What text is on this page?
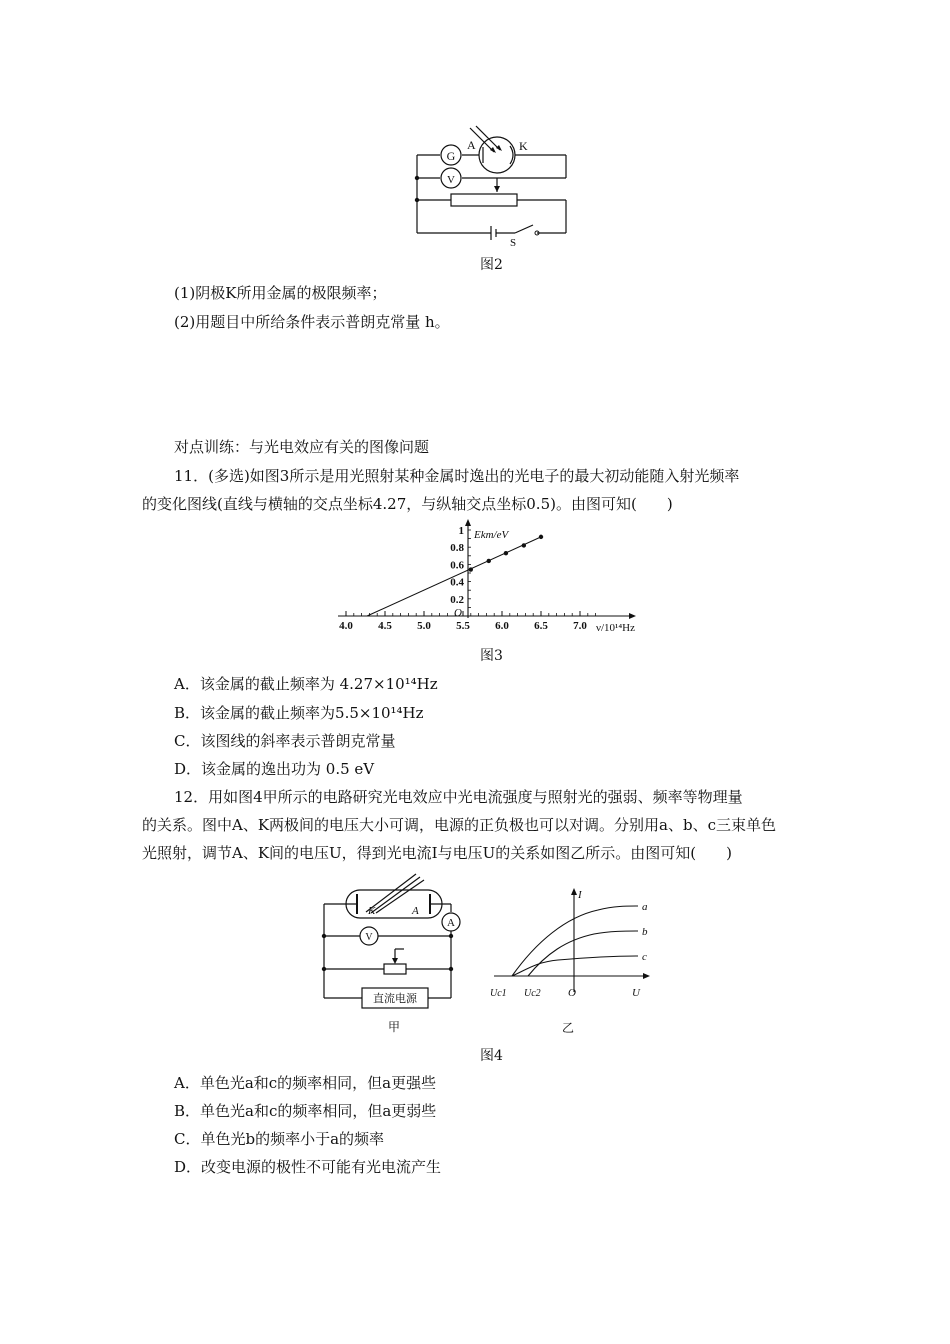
G
V
A	K
S
图2
(1)阴极K所用金属的极限频率；
(2)用题目中所给条件表示普朗克常量 h。
对点训练：与光电效应有关的图像问题
11．(多选)如图3所示是用光照射某种金属时逸出的光电子的最大初动能随入射光频率
的变化图线(直线与横轴的交点坐标4.27，与纵轴交点坐标0.5)。由图可知(　　)
4.0 4.5 5.0 5.5 6.0 6.5 7.0
0.2
0.4
0.6
0.8
1 Ekm/eV
ν/10¹⁴Hz
O
图3
A．该金属的截止频率为 4.27×10¹⁴Hz
B．该金属的截止频率为5.5×10¹⁴Hz
C．该图线的斜率表示普朗克常量
D．该金属的逸出功为 0.5 eV
12．用如图4甲所示的电路研究光电效应中光电流强度与照射光的强弱、频率等物理量
的关系。图中A、K两极间的电压大小可调，电源的正负极也可以对调。分别用a、b、c三束单色
光照射，调节A、K间的电压U，得到光电流I与电压U的关系如图乙所示。由图可知(　　)
K	A
A
V
直流电源
甲
I
U
O
Uc1 Uc2
a
b
c
乙
图4
A．单色光a和c的频率相同，但a更强些
B．单色光a和c的频率相同，但a更弱些
C．单色光b的频率小于a的频率
D．改变电源的极性不可能有光电流产生
